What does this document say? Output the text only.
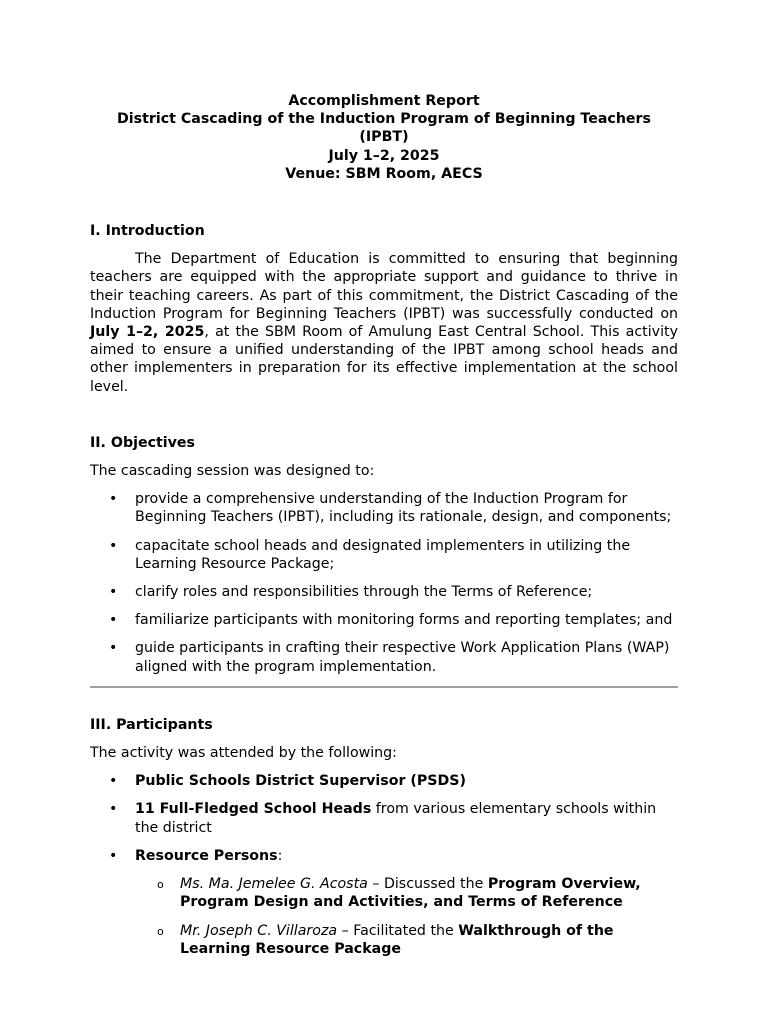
Accomplishment Report
District Cascading of the Induction Program of Beginning Teachers (IPBT)
July 1–2, 2025
Venue: SBM Room, AECS

I. Introduction

The Department of Education is committed to ensuring that beginning teachers are equipped with the appropriate support and guidance to thrive in their teaching careers. As part of this commitment, the District Cascading of the Induction Program for Beginning Teachers (IPBT) was successfully conducted on July 1–2, 2025, at the SBM Room of Amulung East Central School. This activity aimed to ensure a unified understanding of the IPBT among school heads and other implementers in preparation for its effective implementation at the school level.

II. Objectives

The cascading session was designed to:

• provide a comprehensive understanding of the Induction Program for Beginning Teachers (IPBT), including its rationale, design, and components;
• capacitate school heads and designated implementers in utilizing the Learning Resource Package;
• clarify roles and responsibilities through the Terms of Reference;
• familiarize participants with monitoring forms and reporting templates; and
• guide participants in crafting their respective Work Application Plans (WAP) aligned with the program implementation.

III. Participants

The activity was attended by the following:

• Public Schools District Supervisor (PSDS)
• 11 Full-Fledged School Heads from various elementary schools within the district
• Resource Persons:
o Ms. Ma. Jemelee G. Acosta – Discussed the Program Overview, Program Design and Activities, and Terms of Reference
o Mr. Joseph C. Villaroza – Facilitated the Walkthrough of the Learning Resource Package
